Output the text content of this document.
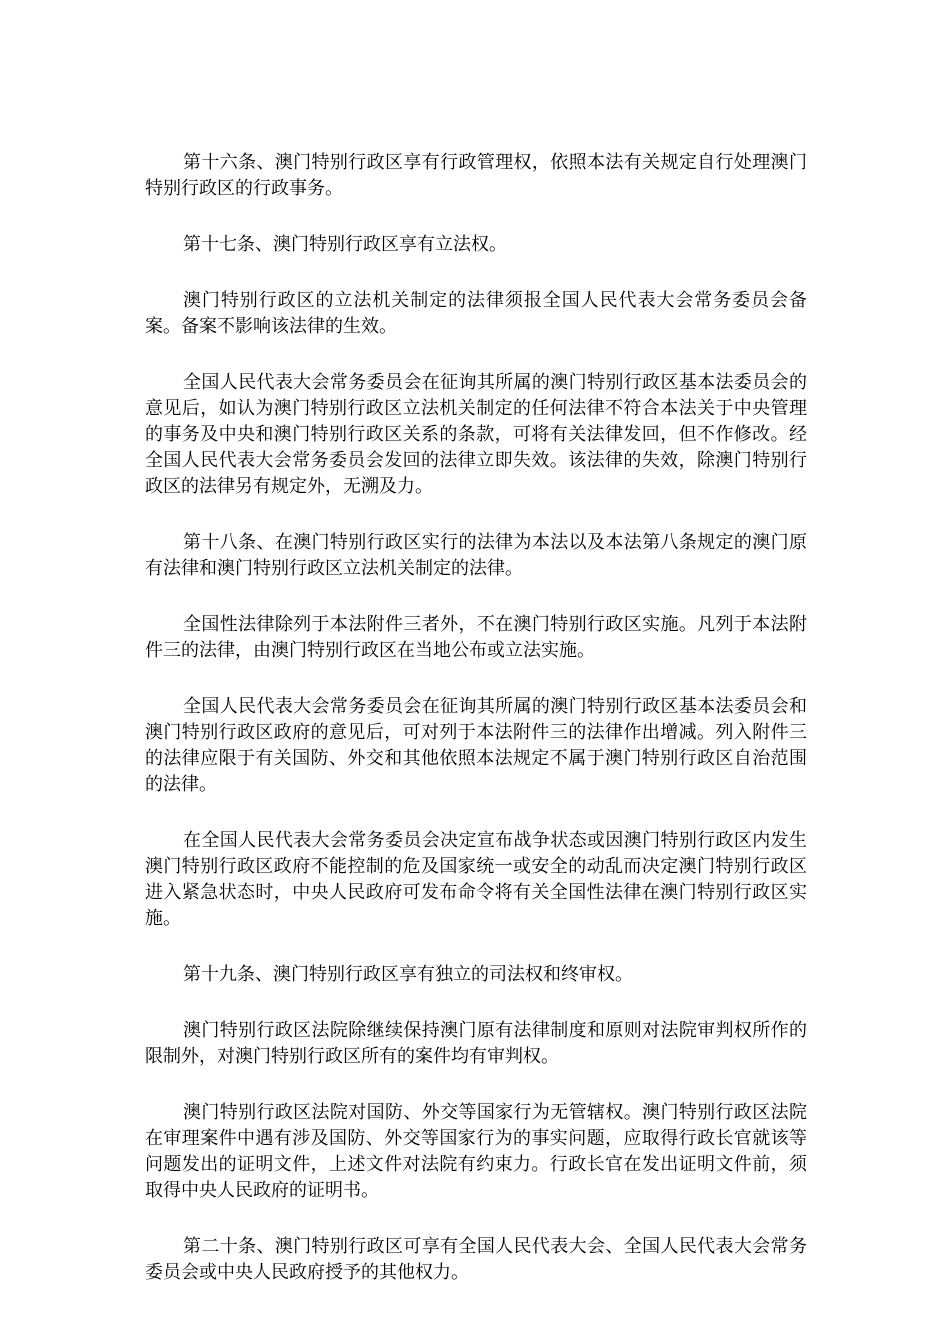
第十六条、澳门特别行政区享有行政管理权，依照本法有关规定自行处理澳门特别行政区的行政事务。

第十七条、澳门特别行政区享有立法权。

澳门特别行政区的立法机关制定的法律须报全国人民代表大会常务委员会备案。备案不影响该法律的生效。

全国人民代表大会常务委员会在征询其所属的澳门特别行政区基本法委员会的意见后，如认为澳门特别行政区立法机关制定的任何法律不符合本法关于中央管理的事务及中央和澳门特别行政区关系的条款，可将有关法律发回，但不作修改。经全国人民代表大会常务委员会发回的法律立即失效。该法律的失效，除澳门特别行政区的法律另有规定外，无溯及力。

第十八条、在澳门特别行政区实行的法律为本法以及本法第八条规定的澳门原有法律和澳门特别行政区立法机关制定的法律。

全国性法律除列于本法附件三者外，不在澳门特别行政区实施。凡列于本法附件三的法律，由澳门特别行政区在当地公布或立法实施。

全国人民代表大会常务委员会在征询其所属的澳门特别行政区基本法委员会和澳门特别行政区政府的意见后，可对列于本法附件三的法律作出增减。列入附件三的法律应限于有关国防、外交和其他依照本法规定不属于澳门特别行政区自治范围的法律。

在全国人民代表大会常务委员会决定宣布战争状态或因澳门特别行政区内发生澳门特别行政区政府不能控制的危及国家统一或安全的动乱而决定澳门特别行政区进入紧急状态时，中央人民政府可发布命令将有关全国性法律在澳门特别行政区实施。

第十九条、澳门特别行政区享有独立的司法权和终审权。

澳门特别行政区法院除继续保持澳门原有法律制度和原则对法院审判权所作的限制外，对澳门特别行政区所有的案件均有审判权。

澳门特别行政区法院对国防、外交等国家行为无管辖权。澳门特别行政区法院在审理案件中遇有涉及国防、外交等国家行为的事实问题，应取得行政长官就该等问题发出的证明文件，上述文件对法院有约束力。行政长官在发出证明文件前，须取得中央人民政府的证明书。

第二十条、澳门特别行政区可享有全国人民代表大会、全国人民代表大会常务委员会或中央人民政府授予的其他权力。
